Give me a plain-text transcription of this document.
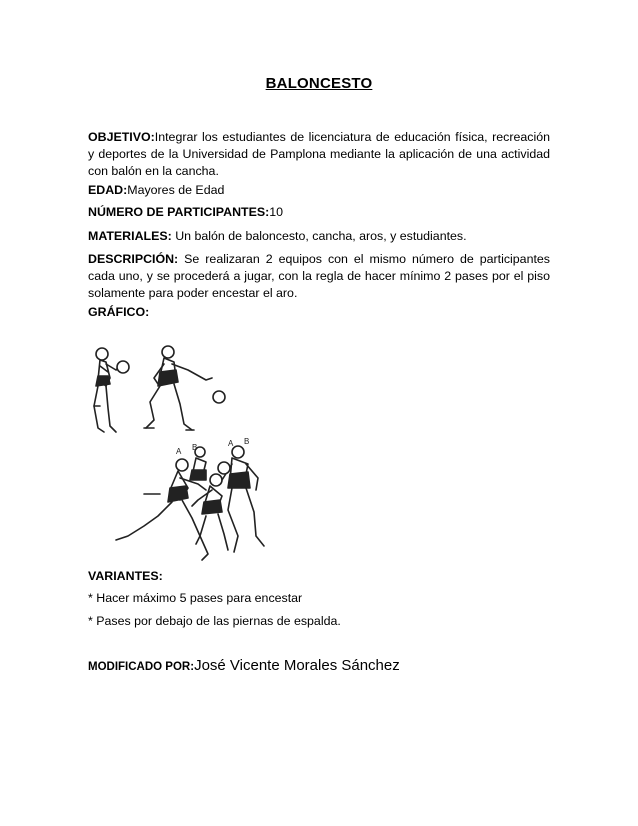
BALONCESTO
OBJETIVO:Integrar los estudiantes de licenciatura de educación física, recreación y deportes de la Universidad de Pamplona mediante la aplicación de una actividad con balón en la cancha.
EDAD:Mayores de Edad
NÚMERO DE PARTICIPANTES:10
MATERIALES: Un balón de baloncesto, cancha, aros, y estudiantes.
DESCRIPCIÓN: Se realizaran 2 equipos con el mismo número de participantes cada uno, y se procederá a jugar, con la regla de hacer mínimo 2 pases por el piso solamente para poder encestar el aro.
GRÁFICO:
A B	A B
VARIANTES:
* Hacer máximo 5 pases para encestar
* Pases por debajo de las piernas de espalda.
MODIFICADO POR:José Vicente Morales Sánchez
